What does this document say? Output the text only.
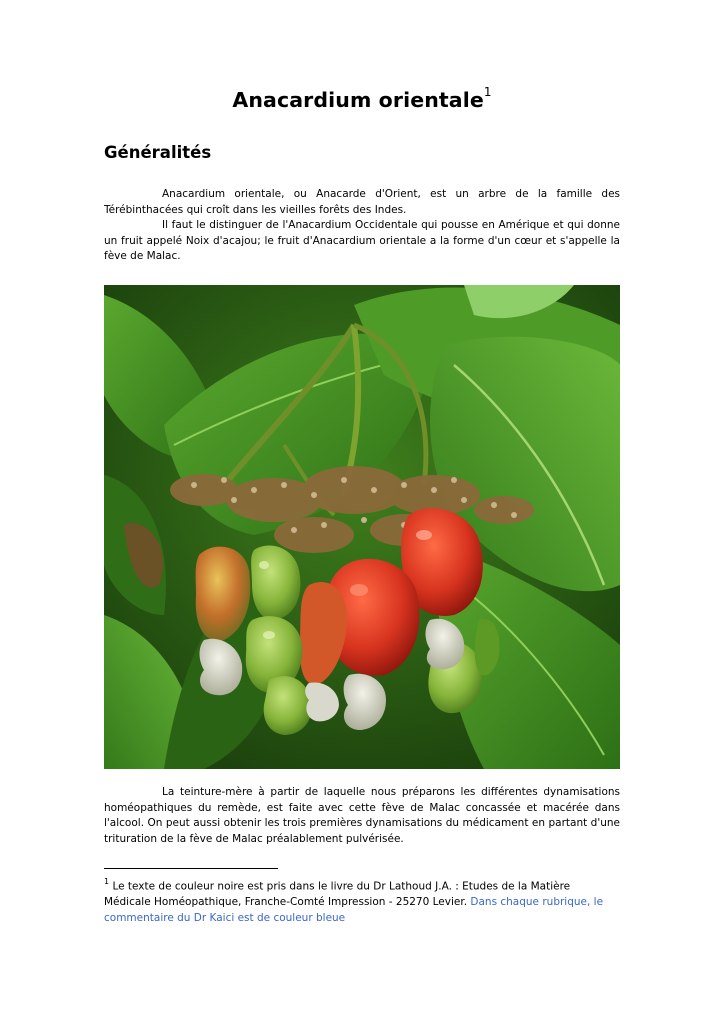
Anacardium orientale$^1$
Généralités

Anacardium orientale, ou Anacarde d'Orient, est un arbre de la famille des Térébinthacées qui croît dans les vieilles forêts des Indes.

Il faut le distinguer de l'Anacardium Occidentale qui pousse en Amérique et qui donne un fruit appelé Noix d'acajou; le fruit d'Anacardium orientale a la forme d'un cœur et s'appelle la fève de Malac.

La teinture-mère à partir de laquelle nous préparons les différentes dynamisations homéopathiques du remède, est faite avec cette fève de Malac concassée et macérée dans l'alcool. On peut aussi obtenir les trois premières dynamisations du médicament en partant d'une trituration de la fève de Malac préalablement pulvérisée.

$^1$ Le texte de couleur noire est pris dans le livre du Dr Lathoud J.A. : Etudes de la Matière Médicale Homéopathique, Franche-Comté Impression - 25270 Levier. Dans chaque rubrique, le commentaire du Dr Kaici est de couleur bleue
